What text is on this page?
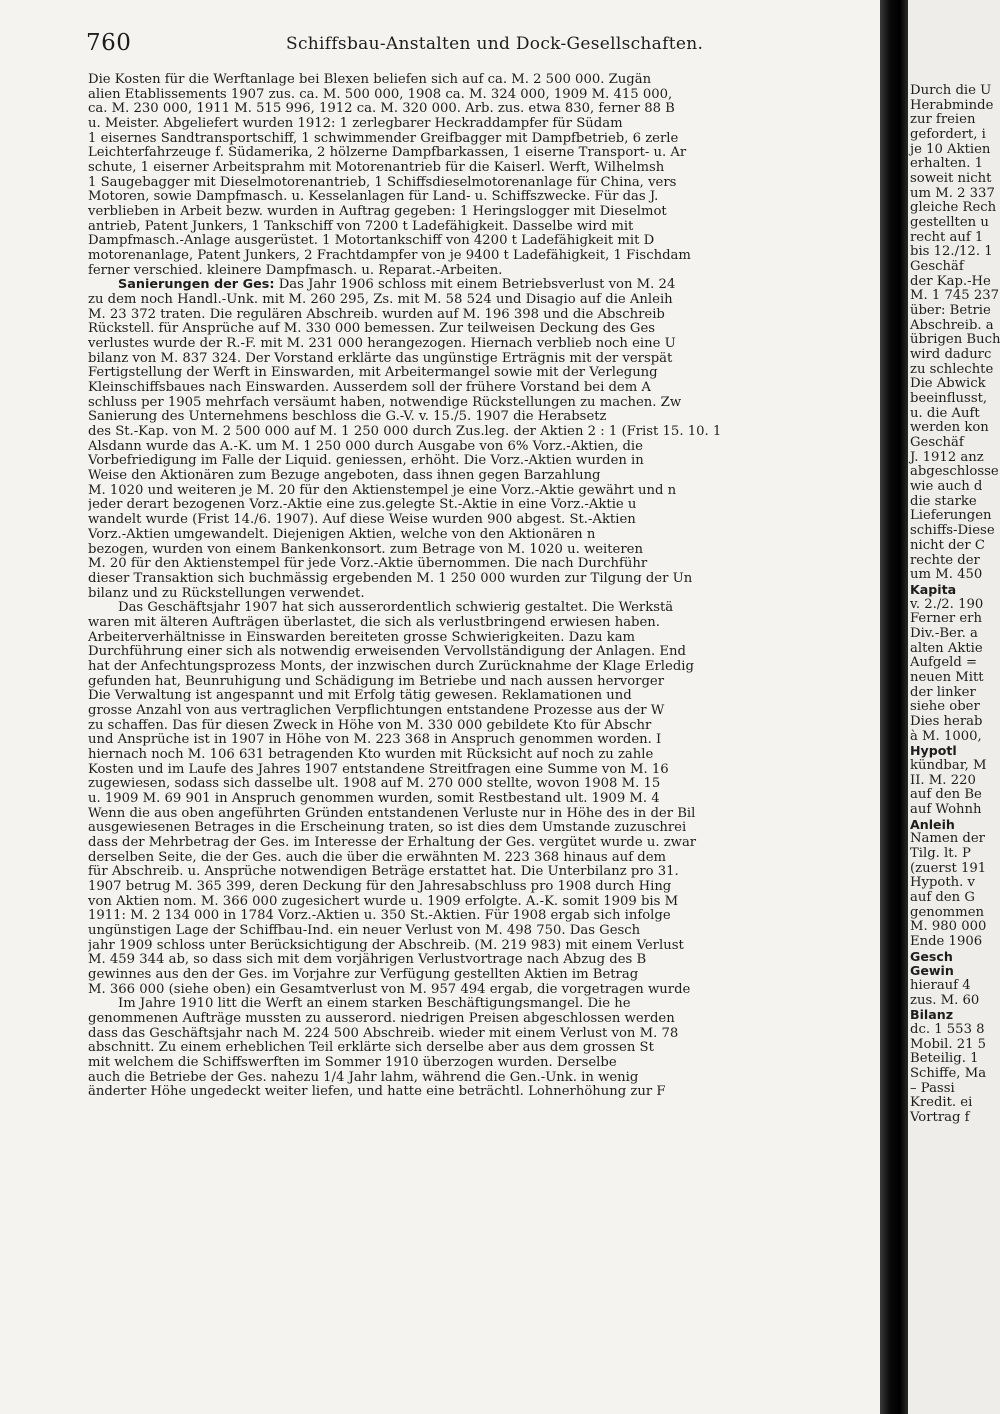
760	Schiffsbau-Anstalten und Dock-Gesellschaften.
Die Kosten für die Werftanlage bei Blexen beliefen sich auf ca. M. 2 500 000. Zugän
alien Etablissements 1907 zus. ca. M. 500 000, 1908 ca. M. 324 000, 1909 M. 415 000,
ca. M. 230 000, 1911 M. 515 996, 1912 ca. M. 320 000. Arb. zus. etwa 830, ferner 88 B
u. Meister. Abgeliefert wurden 1912: 1 zerlegbarer Heckraddampfer für Südam
1 eisernes Sandtransportschiff, 1 schwimmender Greifbagger mit Dampfbetrieb, 6 zerle
Leichterfahrzeuge f. Südamerika, 2 hölzerne Dampfbarkassen, 1 eiserne Transport- u. Ar
schute, 1 eiserner Arbeitsprahm mit Motorenantrieb für die Kaiserl. Werft, Wilhelmsh
1 Saugebagger mit Dieselmotorenantrieb, 1 Schiffsdieselmotorenanlage für China, vers
Motoren, sowie Dampfmasch. u. Kesselanlagen für Land- u. Schiffszwecke. Für das J.
verblieben in Arbeit bezw. wurden in Auftrag gegeben: 1 Heringslogger mit Dieselmot
antrieb, Patent Junkers, 1 Tankschiff von 7200 t Ladefähigkeit. Dasselbe wird mit
Dampfmasch.-Anlage ausgerüstet. 1 Motortankschiff von 4200 t Ladefähigkeit mit D
motorenanlage, Patent Junkers, 2 Frachtdampfer von je 9400 t Ladefähigkeit, 1 Fischdam
ferner verschied. kleinere Dampfmasch. u. Reparat.-Arbeiten.
Sanierungen der Ges: Das Jahr 1906 schloss mit einem Betriebsverlust von M. 24
zu dem noch Handl.-Unk. mit M. 260 295, Zs. mit M. 58 524 und Disagio auf die Anleih
M. 23 372 traten. Die regulären Abschreib. wurden auf M. 196 398 und die Abschreib
Rückstell. für Ansprüche auf M. 330 000 bemessen. Zur teilweisen Deckung des Ges
verlustes wurde der R.-F. mit M. 231 000 herangezogen. Hiernach verblieb noch eine U
bilanz von M. 837 324. Der Vorstand erklärte das ungünstige Erträgnis mit der verspät
Fertigstellung der Werft in Einswarden, mit Arbeitermangel sowie mit der Verlegung
Kleinschiffsbaues nach Einswarden. Ausserdem soll der frühere Vorstand bei dem A
schluss per 1905 mehrfach versäumt haben, notwendige Rückstellungen zu machen. Zw
Sanierung des Unternehmens beschloss die G.-V. v. 15./5. 1907 die Herabsetz
des St.-Kap. von M. 2 500 000 auf M. 1 250 000 durch Zus.leg. der Aktien 2 : 1 (Frist 15. 10. 1
Alsdann wurde das A.-K. um M. 1 250 000 durch Ausgabe von 6% Vorz.-Aktien, die
Vorbefriedigung im Falle der Liquid. geniessen, erhöht. Die Vorz.-Aktien wurden in
Weise den Aktionären zum Bezuge angeboten, dass ihnen gegen Barzahlung
M. 1020 und weiteren je M. 20 für den Aktienstempel je eine Vorz.-Aktie gewährt und n
jeder derart bezogenen Vorz.-Aktie eine zus.gelegte St.-Aktie in eine Vorz.-Aktie u
wandelt wurde (Frist 14./6. 1907). Auf diese Weise wurden 900 abgest. St.-Aktien
Vorz.-Aktien umgewandelt. Diejenigen Aktien, welche von den Aktionären n
bezogen, wurden von einem Bankenkonsort. zum Betrage von M. 1020 u. weiteren
M. 20 für den Aktienstempel für jede Vorz.-Aktie übernommen. Die nach Durchführ
dieser Transaktion sich buchmässig ergebenden M. 1 250 000 wurden zur Tilgung der Un
bilanz und zu Rückstellungen verwendet.
Das Geschäftsjahr 1907 hat sich ausserordentlich schwierig gestaltet. Die Werkstä
waren mit älteren Aufträgen überlastet, die sich als verlustbringend erwiesen haben.
Arbeiterverhältnisse in Einswarden bereiteten grosse Schwierigkeiten. Dazu kam
Durchführung einer sich als notwendig erweisenden Vervollständigung der Anlagen. End
hat der Anfechtungsprozess Monts, der inzwischen durch Zurücknahme der Klage Erledig
gefunden hat, Beunruhigung und Schädigung im Betriebe und nach aussen hervorger
Die Verwaltung ist angespannt und mit Erfolg tätig gewesen. Reklamationen und
grosse Anzahl von aus vertraglichen Verpflichtungen entstandene Prozesse aus der W
zu schaffen. Das für diesen Zweck in Höhe von M. 330 000 gebildete Kto für Abschr
und Ansprüche ist in 1907 in Höhe von M. 223 368 in Anspruch genommen worden. I
hiernach noch M. 106 631 betragenden Kto wurden mit Rücksicht auf noch zu zahle
Kosten und im Laufe des Jahres 1907 entstandene Streitfragen eine Summe von M. 16
zugewiesen, sodass sich dasselbe ult. 1908 auf M. 270 000 stellte, wovon 1908 M. 15
u. 1909 M. 69 901 in Anspruch genommen wurden, somit Restbestand ult. 1909 M. 4
Wenn die aus oben angeführten Gründen entstandenen Verluste nur in Höhe des in der Bil
ausgewiesenen Betrages in die Erscheinung traten, so ist dies dem Umstande zuzuschrei
dass der Mehrbetrag der Ges. im Interesse der Erhaltung der Ges. vergütet wurde u. zwar
derselben Seite, die der Ges. auch die über die erwähnten M. 223 368 hinaus auf dem
für Abschreib. u. Ansprüche notwendigen Beträge erstattet hat. Die Unterbilanz pro 31.
1907 betrug M. 365 399, deren Deckung für den Jahresabschluss pro 1908 durch Hing
von Aktien nom. M. 366 000 zugesichert wurde u. 1909 erfolgte. A.-K. somit 1909 bis M
1911: M. 2 134 000 in 1784 Vorz.-Aktien u. 350 St.-Aktien. Für 1908 ergab sich infolge
ungünstigen Lage der Schiffbau-Ind. ein neuer Verlust von M. 498 750. Das Gesch
jahr 1909 schloss unter Berücksichtigung der Abschreib. (M. 219 983) mit einem Verlust
M. 459 344 ab, so dass sich mit dem vorjährigen Verlustvortrage nach Abzug des B
gewinnes aus den der Ges. im Vorjahre zur Verfügung gestellten Aktien im Betrag
M. 366 000 (siehe oben) ein Gesamtverlust von M. 957 494 ergab, die vorgetragen wurde
Im Jahre 1910 litt die Werft an einem starken Beschäftigungsmangel. Die he
genommenen Aufträge mussten zu ausserord. niedrigen Preisen abgeschlossen werden
dass das Geschäftsjahr nach M. 224 500 Abschreib. wieder mit einem Verlust von M. 78
abschnitt. Zu einem erheblichen Teil erklärte sich derselbe aber aus dem grossen St
mit welchem die Schiffswerften im Sommer 1910 überzogen wurden. Derselbe
auch die Betriebe der Ges. nahezu 1/4 Jahr lahm, während die Gen.-Unk. in wenig
änderter Höhe ungedeckt weiter liefen, und hatte eine beträchtl. Lohnerhöhung zur F
Durch die U
Herabminde
zur freien
gefordert, i
je 10 Aktien
erhalten. 1
soweit nicht
um M. 2 337
gleiche Rech
gestellten u
recht auf 1
bis 12./12. 1
Geschäf
der Kap.-He
M. 1 745 237
über: Betrie
Abschreib. a
übrigen Buch
wird dadurc
zu schlechte
Die Abwick
beeinflusst,
u. die Auft
werden kon
Geschäf
J. 1912 anz
abgeschlosse
wie auch d
die starke
Lieferungen
schiffs-Diese
nicht der C
rechte der
um M. 450
Kapita
v. 2./2. 190
Ferner erh
Div.-Ber. a
alten Aktie
Aufgeld =
neuen Mitt
der linker
siehe ober
Dies herab
à M. 1000,
Hypotl
kündbar, M
II. M. 220
auf den Be
auf Wohnh
Anleih
Namen der
Tilg. lt. P
(zuerst 191
Hypoth. v
auf den G
genommen
M. 980 000
Ende 1906
Gesch
Gewin
hierauf 4
zus. M. 60
Bilanz
dc. 1 553 8
Mobil. 21 5
Beteilig. 1
Schiffe, Ma
– Passi
Kredit. ei
Vortrag f
